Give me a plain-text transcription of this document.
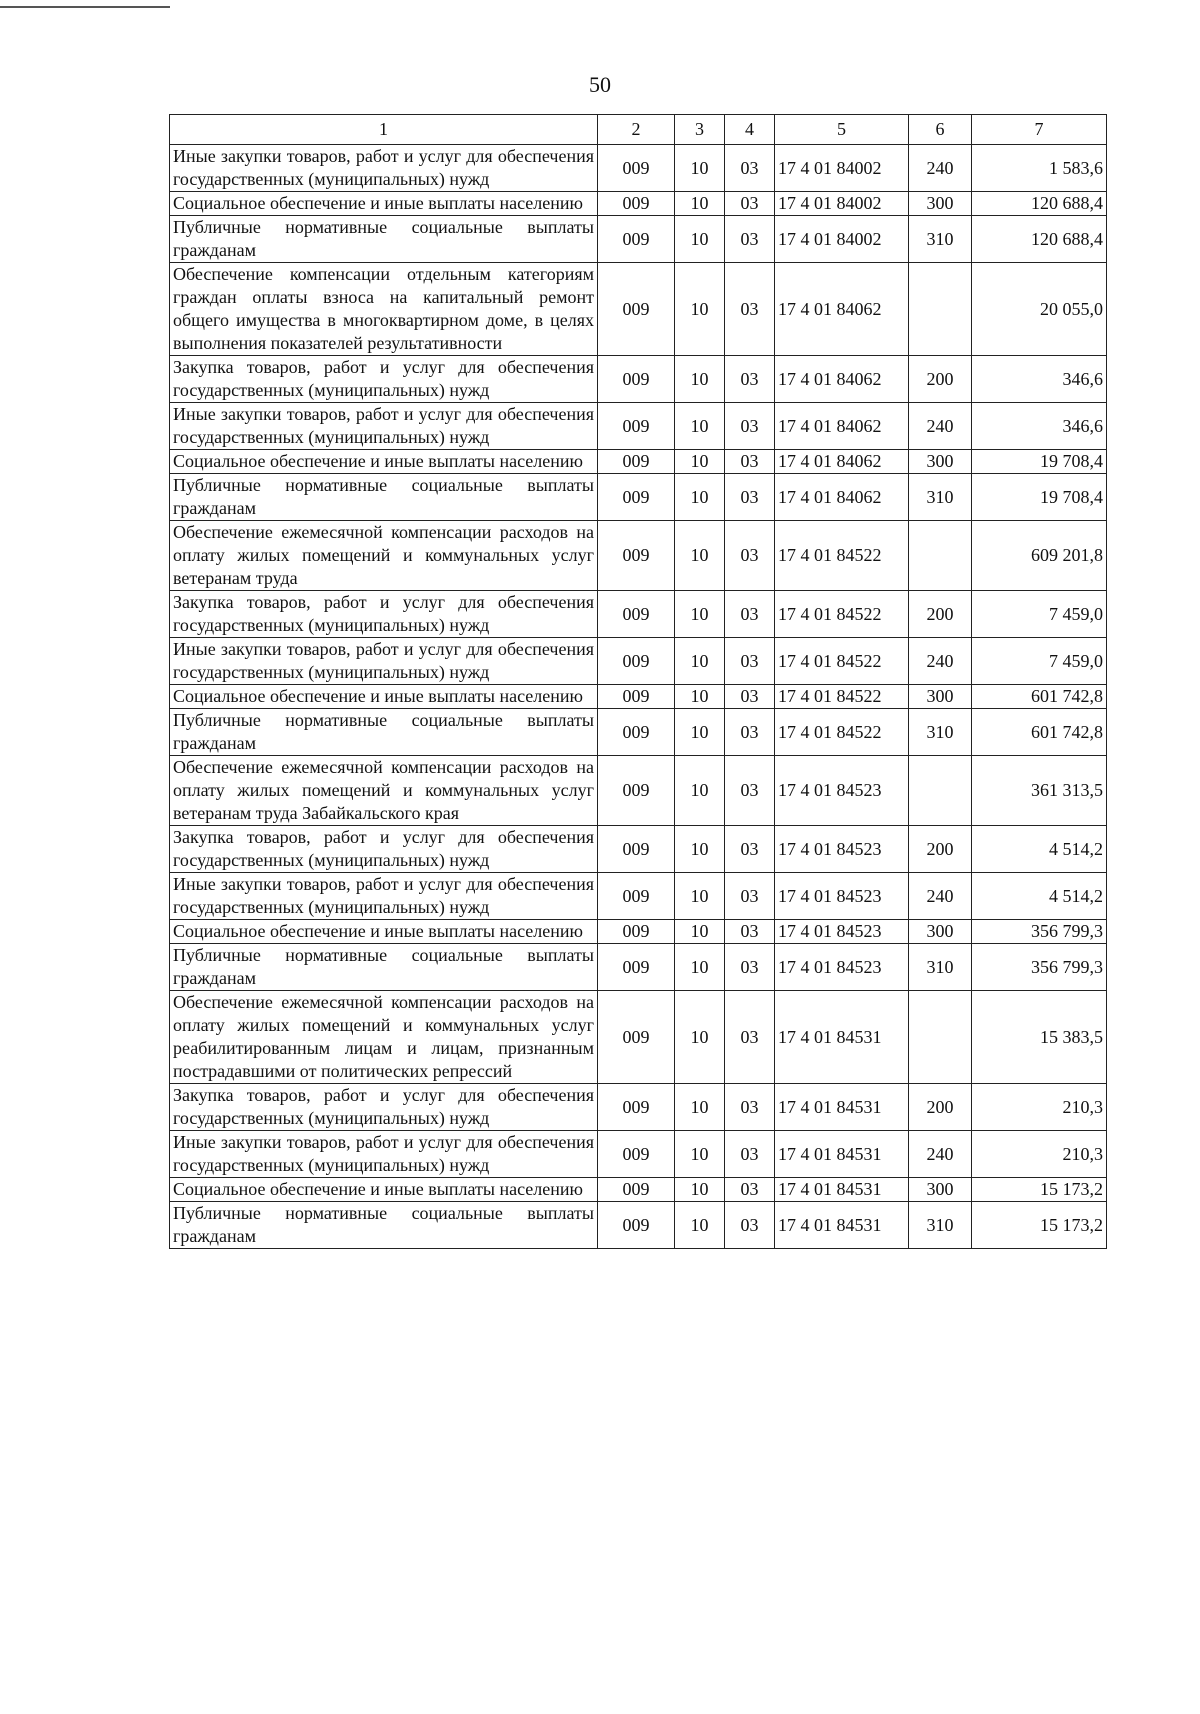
50
1	2	3	4	5	6	7
Иные закупки товаров, работ и услуг для обеспечения государственных (муниципальных) нужд	009	10	03	17 4 01 84002	240	1 583,6
Социальное обеспечение и иные выплаты населению	009	10	03	17 4 01 84002	300	120 688,4
Публичные нормативные социальные выплаты гражданам	009	10	03	17 4 01 84002	310	120 688,4
Обеспечение компенсации отдельным категориям граждан оплаты взноса на капитальный ремонт общего имущества в многоквартирном доме, в целях выполнения показателей результативности	009	10	03	17 4 01 84062		20 055,0
Закупка товаров, работ и услуг для обеспечения государственных (муниципальных) нужд	009	10	03	17 4 01 84062	200	346,6
Иные закупки товаров, работ и услуг для обеспечения государственных (муниципальных) нужд	009	10	03	17 4 01 84062	240	346,6
Социальное обеспечение и иные выплаты населению	009	10	03	17 4 01 84062	300	19 708,4
Публичные нормативные социальные выплаты гражданам	009	10	03	17 4 01 84062	310	19 708,4
Обеспечение ежемесячной компенсации расходов на оплату жилых помещений и коммунальных услуг ветеранам труда	009	10	03	17 4 01 84522		609 201,8
Закупка товаров, работ и услуг для обеспечения государственных (муниципальных) нужд	009	10	03	17 4 01 84522	200	7 459,0
Иные закупки товаров, работ и услуг для обеспечения государственных (муниципальных) нужд	009	10	03	17 4 01 84522	240	7 459,0
Социальное обеспечение и иные выплаты населению	009	10	03	17 4 01 84522	300	601 742,8
Публичные нормативные социальные выплаты гражданам	009	10	03	17 4 01 84522	310	601 742,8
Обеспечение ежемесячной компенсации расходов на оплату жилых помещений и коммунальных услуг ветеранам труда Забайкальского края	009	10	03	17 4 01 84523		361 313,5
Закупка товаров, работ и услуг для обеспечения государственных (муниципальных) нужд	009	10	03	17 4 01 84523	200	4 514,2
Иные закупки товаров, работ и услуг для обеспечения государственных (муниципальных) нужд	009	10	03	17 4 01 84523	240	4 514,2
Социальное обеспечение и иные выплаты населению	009	10	03	17 4 01 84523	300	356 799,3
Публичные нормативные социальные выплаты гражданам	009	10	03	17 4 01 84523	310	356 799,3
Обеспечение ежемесячной компенсации расходов на оплату жилых помещений и коммунальных услуг реабилитированным лицам и лицам, признанным пострадавшими от политических репрессий	009	10	03	17 4 01 84531		15 383,5
Закупка товаров, работ и услуг для обеспечения государственных (муниципальных) нужд	009	10	03	17 4 01 84531	200	210,3
Иные закупки товаров, работ и услуг для обеспечения государственных (муниципальных) нужд	009	10	03	17 4 01 84531	240	210,3
Социальное обеспечение и иные выплаты населению	009	10	03	17 4 01 84531	300	15 173,2
Публичные нормативные социальные выплаты гражданам	009	10	03	17 4 01 84531	310	15 173,2
